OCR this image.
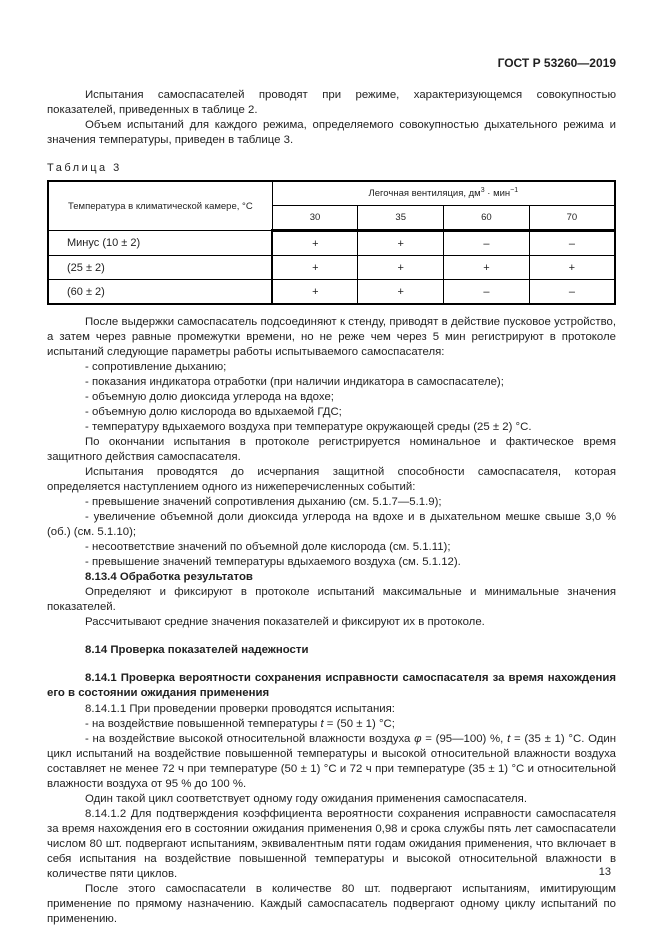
ГОСТ Р 53260—2019

Испытания самоспасателей проводят при режиме, характеризующемся совокупностью показателей, приведенных в таблице 2.

Объем испытаний для каждого режима, определяемого совокупностью дыхательного режима и значения температуры, приведен в таблице 3.

Таблица 3
Температура в климатической камере, °С	Легочная вентиляция, $дм^3 \cdot мин^{-1}$
	30	35	60	70
Минус (10 ± 2)	+	+	–	–
(25 ± 2)	+	+	+	+
(60 ± 2)	+	+	–	–

После выдержки самоспасатель подсоединяют к стенду, приводят в действие пусковое устройство, а затем через равные промежутки времени, но не реже чем через 5 мин регистрируют в протоколе испытаний следующие параметры работы испытываемого самоспасателя:

- сопротивление дыханию;

- показания индикатора отработки (при наличии индикатора в самоспасателе);

- объемную долю диоксида углерода на вдохе;

- объемную долю кислорода во вдыхаемой ГДС;

- температуру вдыхаемого воздуха при температуре окружающей среды (25 ± 2) °С.

По окончании испытания в протоколе регистрируется номинальное и фактическое время защитного действия самоспасателя.

Испытания проводятся до исчерпания защитной способности самоспасателя, которая определяется наступлением одного из нижеперечисленных событий:

- превышение значений сопротивления дыханию (см. 5.1.7—5.1.9);

- увеличение объемной доли диоксида углерода на вдохе и в дыхательном мешке свыше 3,0 % (об.) (см. 5.1.10);

- несоответствие значений по объемной доле кислорода (см. 5.1.11);

- превышение значений температуры вдыхаемого воздуха (см. 5.1.12).

8.13.4 Обработка результатов

Определяют и фиксируют в протоколе испытаний максимальные и минимальные значения показателей.

Рассчитывают средние значения показателей и фиксируют их в протоколе.

8.14 Проверка показателей надежности

8.14.1 Проверка вероятности сохранения исправности самоспасателя за время нахождения его в состоянии ожидания применения

8.14.1.1 При проведении проверки проводятся испытания:

- на воздействие повышенной температуры t = (50 ± 1) °С;

- на воздействие высокой относительной влажности воздуха φ = (95—100) %, t = (35 ± 1) °С. Один цикл испытаний на воздействие повышенной температуры и высокой относительной влажности воздуха составляет не менее 72 ч при температуре (50 ± 1) °С и 72 ч при температуре (35 ± 1) °С и относительной влажности воздуха от 95 % до 100 %.

Один такой цикл соответствует одному году ожидания применения самоспасателя.

8.14.1.2 Для подтверждения коэффициента вероятности сохранения исправности самоспасателя за время нахождения его в состоянии ожидания применения 0,98 и срока службы пять лет самоспасатели числом 80 шт. подвергают испытаниям, эквивалентным пяти годам ожидания применения, что включает в себя испытания на воздействие повышенной температуры и высокой относительной влажности в количестве пяти циклов.

После этого самоспасатели в количестве 80 шт. подвергают испытаниям, имитирующим применение по прямому назначению. Каждый самоспасатель подвергают одному циклу испытаний по применению.

13
